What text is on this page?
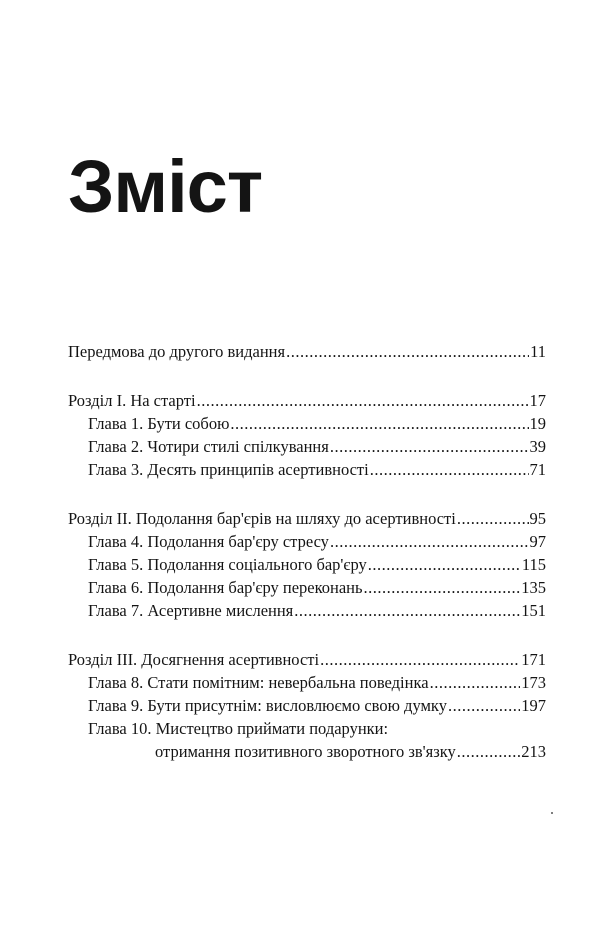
Зміст
Передмова до другого видання .....	11
Розділ І. На старті .....	17
Глава 1. Бути собою .....	19
Глава 2. Чотири стилі спілкування .....	39
Глава 3. Десять принципів асертивності .....	71
Розділ ІІ. Подолання бар'єрів на шляху до асертивності .....	95
Глава 4. Подолання бар'єру стресу .....	97
Глава 5. Подолання соціального бар'єру .....	115
Глава 6. Подолання бар'єру переконань .....	135
Глава 7. Асертивне мислення .....	151
Розділ ІІІ. Досягнення асертивності .....	171
Глава 8. Стати помітним: невербальна поведінка .....	173
Глава 9. Бути присутнім: висловлюємо свою думку .....	197
Глава 10. Мистецтво приймати подарунки:
отримання позитивного зворотного зв'язку .....	213
